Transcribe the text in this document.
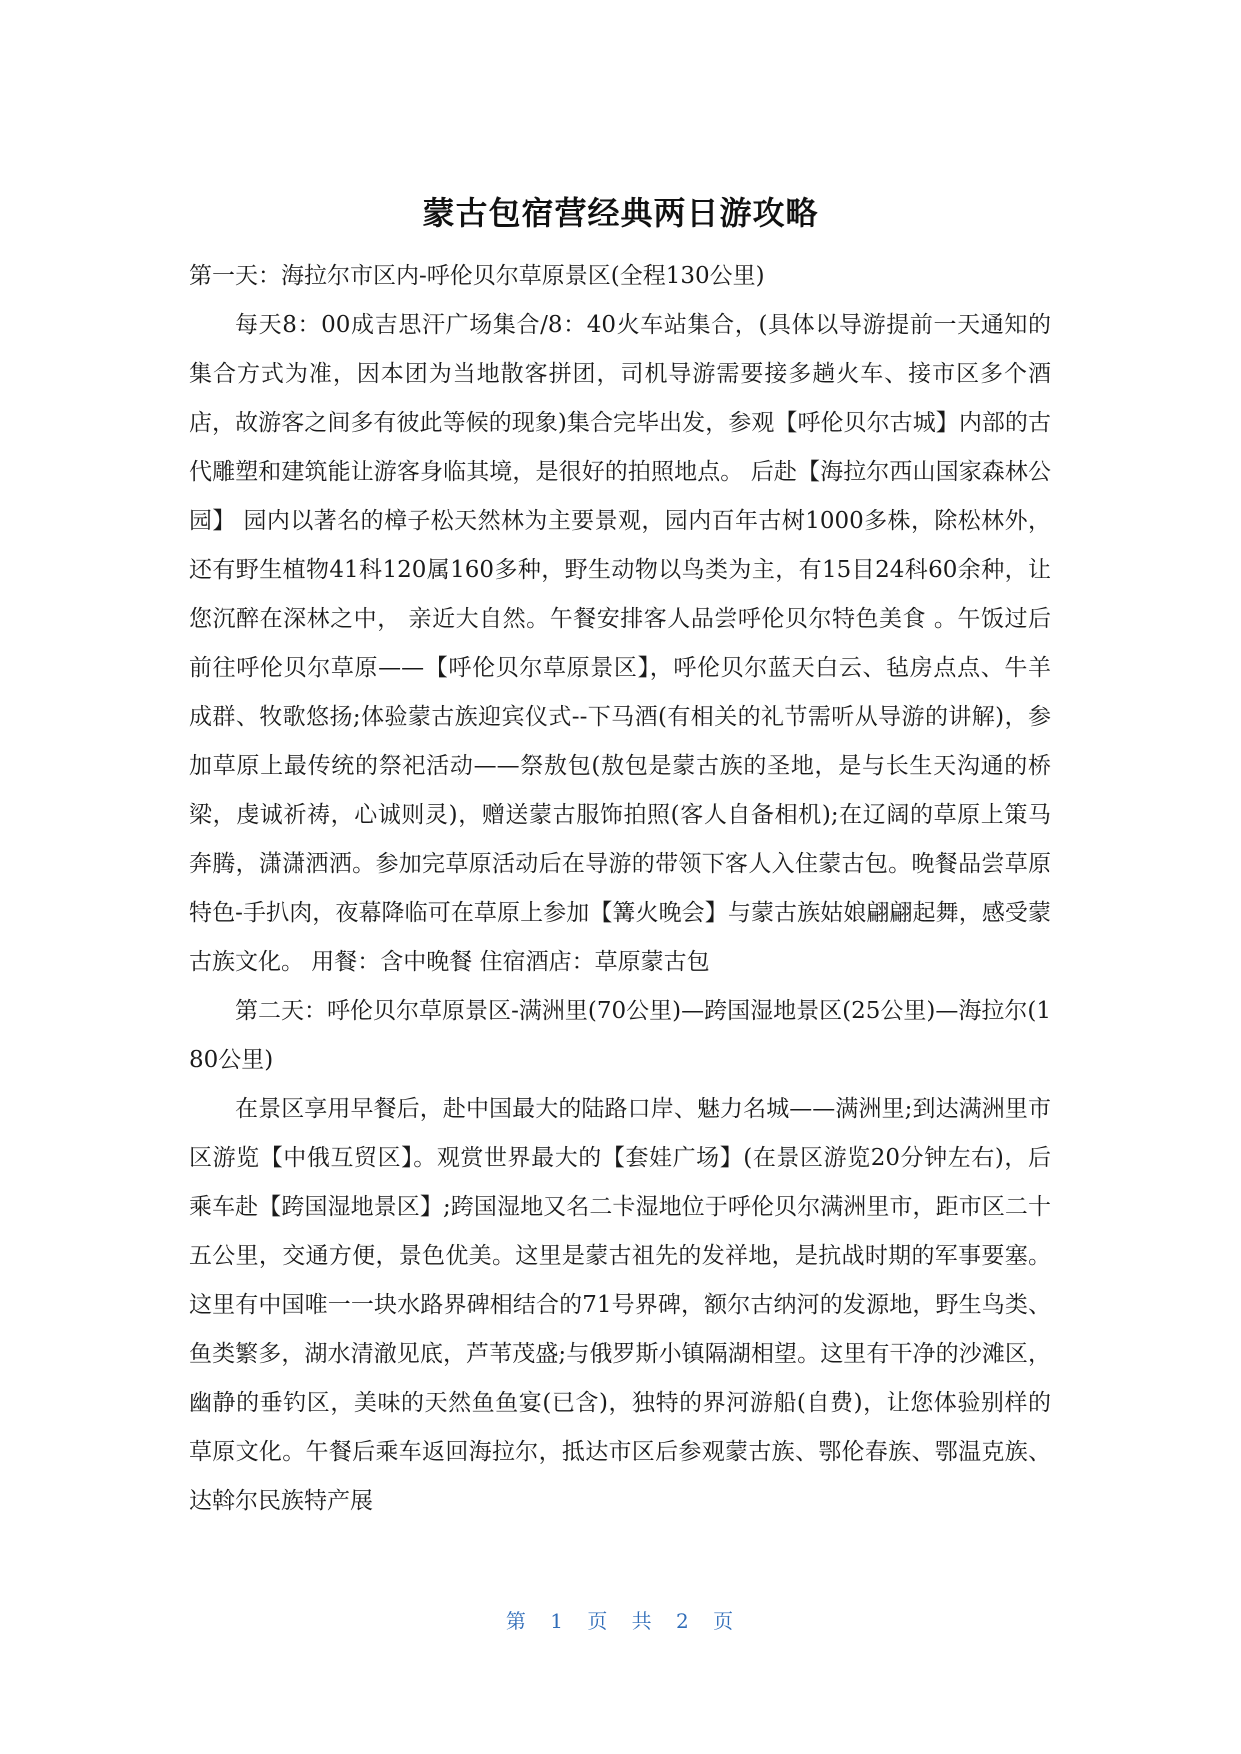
蒙古包宿营经典两日游攻略

第一天：海拉尔市区内-呼伦贝尔草原景区(全程130公里)

每天8：00成吉思汗广场集合/8：40火车站集合，(具体以导游提前一天通知的集合方式为准，因本团为当地散客拼团，司机导游需要接多趟火车、接市区多个酒店，故游客之间多有彼此等候的现象)集合完毕出发，参观【呼伦贝尔古城】内部的古代雕塑和建筑能让游客身临其境，是很好的拍照地点。 后赴【海拉尔西山国家森林公园】 园内以著名的樟子松天然林为主要景观，园内百年古树1000多株，除松林外，还有野生植物41科120属160多种，野生动物以鸟类为主，有15目24科60余种，让您沉醉在深林之中， 亲近大自然。午餐安排客人品尝呼伦贝尔特色美食 。午饭过后前往呼伦贝尔草原——【呼伦贝尔草原景区】，呼伦贝尔蓝天白云、毡房点点、牛羊成群、牧歌悠扬;体验蒙古族迎宾仪式--下马酒(有相关的礼节需听从导游的讲解)，参加草原上最传统的祭祀活动——祭敖包(敖包是蒙古族的圣地，是与长生天沟通的桥梁，虔诚祈祷，心诚则灵)，赠送蒙古服饰拍照(客人自备相机);在辽阔的草原上策马奔腾，潇潇洒洒。参加完草原活动后在导游的带领下客人入住蒙古包。晚餐品尝草原特色-手扒肉，夜幕降临可在草原上参加【篝火晚会】与蒙古族姑娘翩翩起舞，感受蒙古族文化。 用餐：含中晚餐 住宿酒店：草原蒙古包

第二天：呼伦贝尔草原景区-满洲里(70公里)—跨国湿地景区(25公里)—海拉尔(180公里)

在景区享用早餐后，赴中国最大的陆路口岸、魅力名城——满洲里;到达满洲里市区游览【中俄互贸区】。观赏世界最大的【套娃广场】(在景区游览20分钟左右)，后乘车赴【跨国湿地景区】;跨国湿地又名二卡湿地位于呼伦贝尔满洲里市，距市区二十五公里，交通方便，景色优美。这里是蒙古祖先的发祥地，是抗战时期的军事要塞。这里有中国唯一一块水路界碑相结合的71号界碑，额尔古纳河的发源地，野生鸟类、鱼类繁多，湖水清澈见底，芦苇茂盛;与俄罗斯小镇隔湖相望。这里有干净的沙滩区，幽静的垂钓区，美味的天然鱼鱼宴(已含)，独特的界河游船(自费)，让您体验别样的草原文化。午餐后乘车返回海拉尔，抵达市区后参观蒙古族、鄂伦春族、鄂温克族、达斡尔民族特产展

第 1 页 共 2 页
